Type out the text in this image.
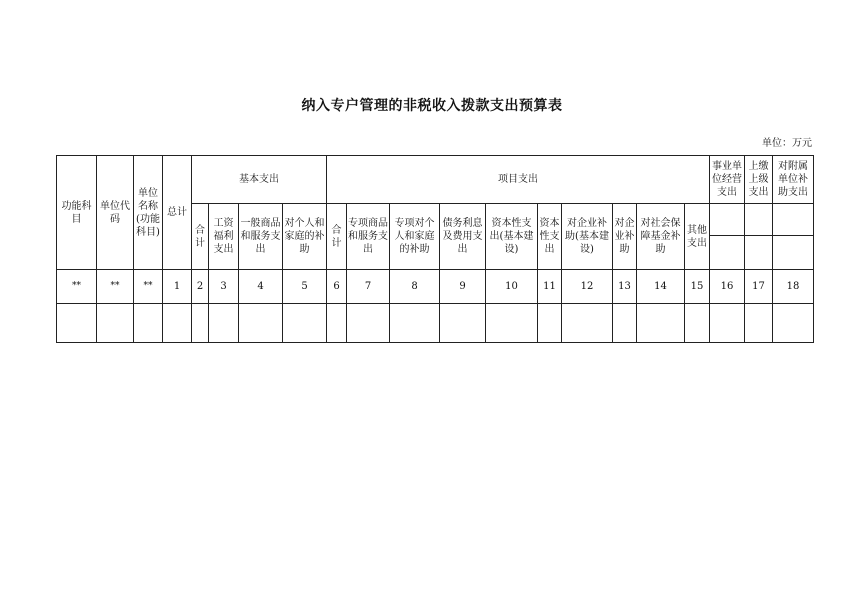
纳入专户管理的非税收入拨款支出预算表
单位：万元
功能科目	单位代码	单位名称(功能科目)	总计	基本支出				项目支出										事业单位经营支出	上缴上级支出	对附属单位补助支出
				合计	工资福利支出	一般商品和服务支出	对个人和家庭的补助	合计	专项商品和服务支出	专项对个人和家庭的补助	债务利息及费用支出	资本性支出(基本建设)	资本性支出	对企业补助(基本建设)	对企业补助	对社会保障基金补助	其他支出			

**	**	**	1	2	3	4	5	6	7	8	9	10	11	12	13	14	15	16	17	18
